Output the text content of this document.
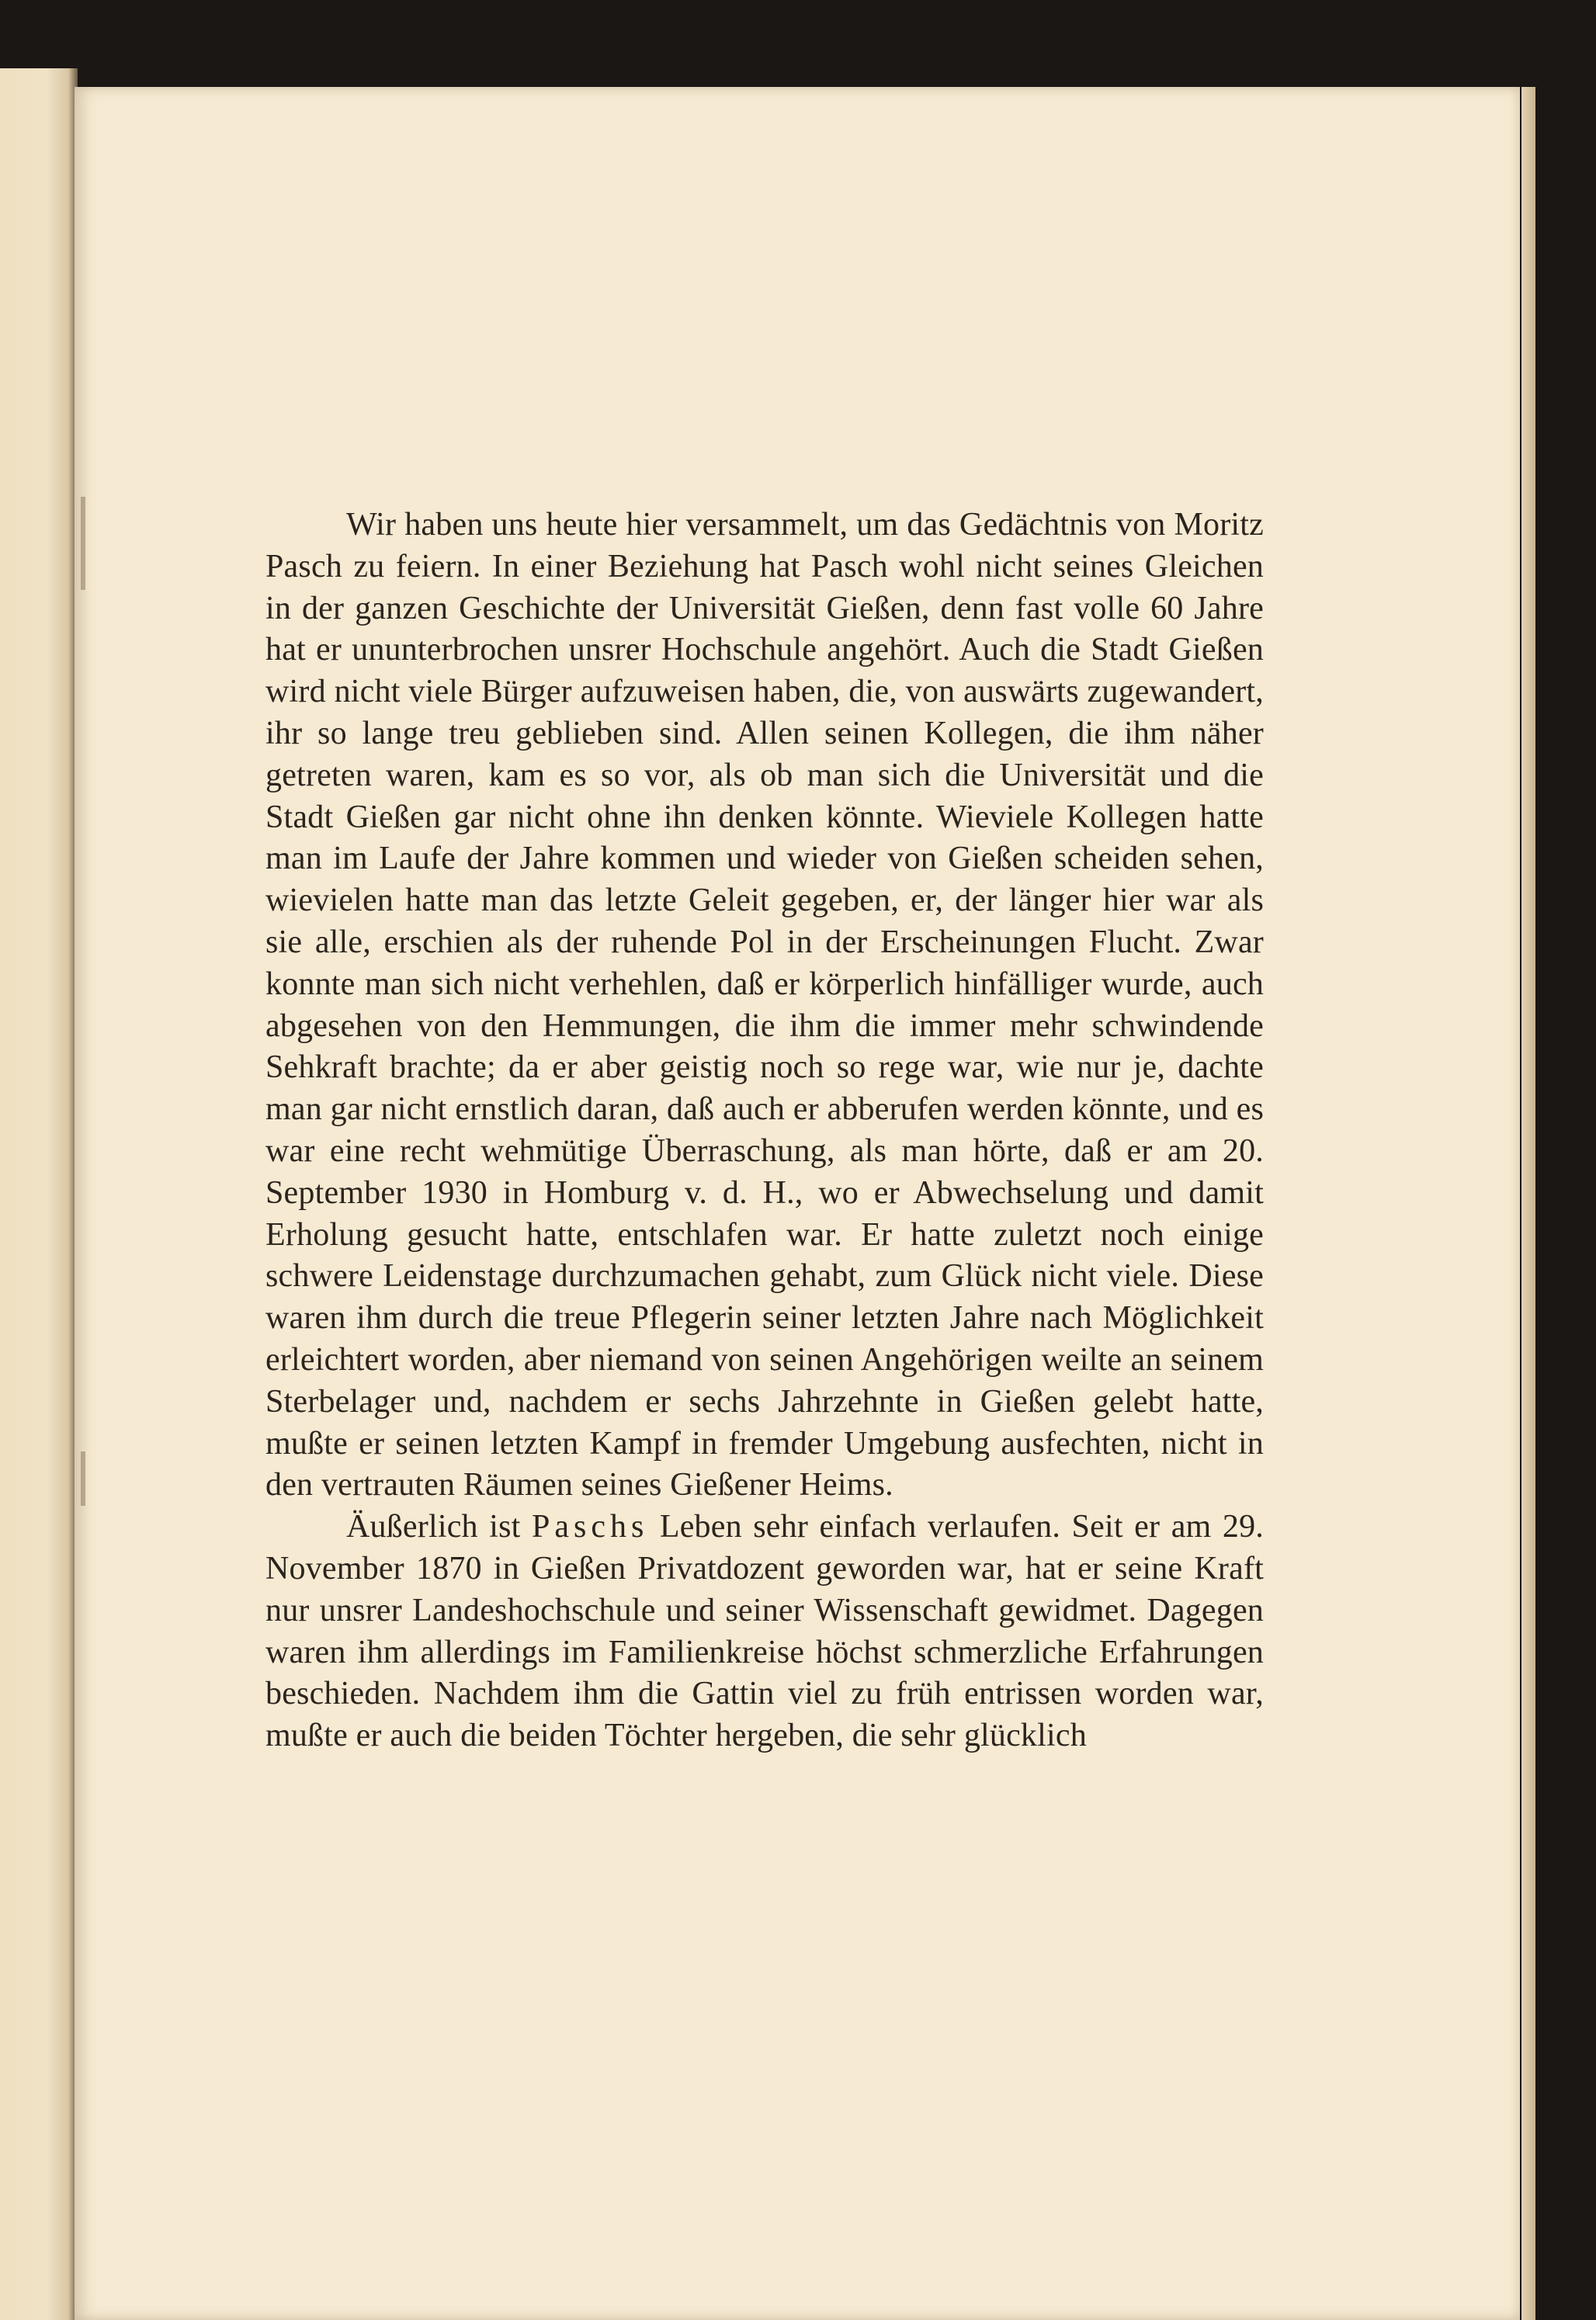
Wir haben uns heute hier versammelt, um das Gedächtnis von Moritz Pasch zu feiern. In einer Beziehung hat Pasch wohl nicht seines Gleichen in der ganzen Geschichte der Universität Gießen, denn fast volle 60 Jahre hat er ununterbrochen unsrer Hochschule angehört. Auch die Stadt Gießen wird nicht viele Bürger aufzuweisen haben, die, von auswärts zugewandert, ihr so lange treu geblieben sind. Allen seinen Kollegen, die ihm näher getreten waren, kam es so vor, als ob man sich die Universität und die Stadt Gießen gar nicht ohne ihn denken könnte. Wieviele Kollegen hatte man im Laufe der Jahre kommen und wieder von Gießen scheiden sehen, wievielen hatte man das letzte Geleit gegeben, er, der länger hier war als sie alle, erschien als der ruhende Pol in der Erscheinungen Flucht. Zwar konnte man sich nicht verhehlen, daß er körperlich hinfälliger wurde, auch abgesehen von den Hemmungen, die ihm die immer mehr schwindende Sehkraft brachte; da er aber geistig noch so rege war, wie nur je, dachte man gar nicht ernstlich daran, daß auch er abberufen werden könnte, und es war eine recht wehmütige Überraschung, als man hörte, daß er am 20. September 1930 in Homburg v. d. H., wo er Abwechselung und damit Erholung gesucht hatte, entschlafen war. Er hatte zuletzt noch einige schwere Leidenstage durchzumachen gehabt, zum Glück nicht viele. Diese waren ihm durch die treue Pflegerin seiner letzten Jahre nach Möglichkeit erleichtert worden, aber niemand von seinen Angehörigen weilte an seinem Sterbelager und, nachdem er sechs Jahrzehnte in Gießen gelebt hatte, mußte er seinen letzten Kampf in fremder Umgebung ausfechten, nicht in den vertrauten Räumen seines Gießener Heims.

Äußerlich ist Paschs Leben sehr einfach verlaufen. Seit er am 29. November 1870 in Gießen Privatdozent geworden war, hat er seine Kraft nur unsrer Landeshochschule und seiner Wissenschaft gewidmet. Dagegen waren ihm allerdings im Familienkreise höchst schmerzliche Erfahrungen beschieden. Nachdem ihm die Gattin viel zu früh entrissen worden war, mußte er auch die beiden Töchter hergeben, die sehr glücklich
